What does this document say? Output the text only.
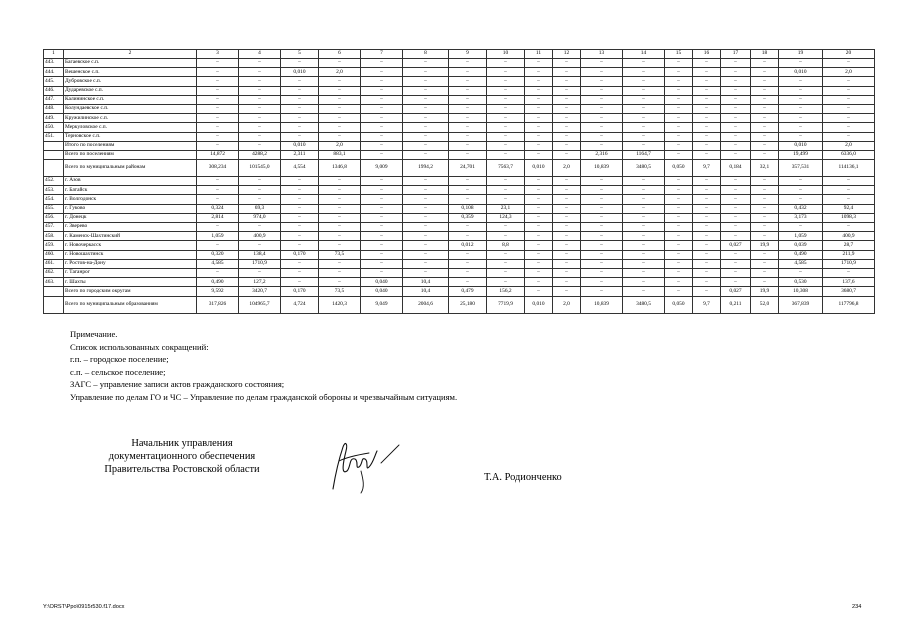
1	2	3	4	5	6	7	8	9	10	11	12	13	14	15	16	17	18	19	20
443.	Багаевское с.п.	–	–	–	–	–	–	–	–	–	–	–	–	–	–	–	–	–	–
444.	Вешенское с.п.	–	–	0,010	2,0	–	–	–	–	–	–	–	–	–	–	–	–	0,010	2,0
445.	Дубровское с.п.	–	–	–	–	–	–	–	–	–	–	–	–	–	–	–	–	–	–
446.	Дударевское с.п.	–	–	–	–	–	–	–	–	–	–	–	–	–	–	–	–	–	–
447.	Калининское с.п.	–	–	–	–	–	–	–	–	–	–	–	–	–	–	–	–	–	–
448.	Колундаевское с.п.	–	–	–	–	–	–	–	–	–	–	–	–	–	–	–	–	–	–
449.	Кружилинское с.п.	–	–	–	–	–	–	–	–	–	–	–	–	–	–	–	–	–	–
450.	Меркуловское с.п.	–	–	–	–	–	–	–	–	–	–	–	–	–	–	–	–	–	–
451.	Терновское с.п.	–	–	–	–	–	–	–	–	–	–	–	–	–	–	–	–	–	–
	Итого по поселениям	–	–	0,010	2,0	–	–	–	–	–	–	–	–	–	–	–	–	0,010	2,0
	Всего по поселениям	14,872	4288,2	2,311	883,1	–	–	–	–	–	–	2,316	1164,7	–	–	–	–	19,499	6336,0
	Всего по муниципальным районам	308,234	101545,0	4,554	1346,8	9,009	1994,2	24,701	7563,7	0,010	2,0	10,839	3480,5	0,050	9,7	0,184	32,1	357,531	114136,1
452.	г. Азов	–	–	–	–	–	–	–	–	–	–	–	–	–	–	–	–	–	–
453.	г. Батайск	–	–	–	–	–	–	–	–	–	–	–	–	–	–	–	–	–	–
454.	г. Волгодонск	–	–	–	–	–	–	–	–	–	–	–	–	–	–	–	–	–	–
455.	г. Гуково	0,324	69,3	–	–	–	–	0,108	23,1	–	–	–	–	–	–	–	–	0,432	92,4
456.	г. Донецк	2,814	974,0	–	–	–	–	0,359	124,3	–	–	–	–	–	–	–	–	3,173	1098,3
457.	г. Зверево	–	–	–	–	–	–	–	–	–	–	–	–	–	–	–	–	–	–
458.	г. Каменск-Шахтинский	1,059	400,9	–	–	–	–	–	–	–	–	–	–	–	–	–	–	1,059	400,9
459.	г. Новочеркасск	–	–	–	–	–	–	0,012	8,8	–	–	–	–	–	–	0,027	19,9	0,039	28,7
460.	г. Новошахтинск	0,320	138,4	0,170	73,5	–	–	–	–	–	–	–	–	–	–	–	–	0,490	211,9
461.	г. Ростов-на-Дону	4,585	1710,9	–	–	–	–	–	–	–	–	–	–	–	–	–	–	4,585	1710,9
462.	г. Таганрог	–	–	–	–	–	–	–	–	–	–	–	–	–	–	–	–	–	–
463.	г. Шахты	0,490	127,2	–	–	0,040	10,4	–	–	–	–	–	–	–	–	–	–	0,530	137,6
	Всего по городским округам	9,592	3420,7	0,170	73,5	0,040	10,4	0,479	156,2	–	–	–	–	–	–	0,027	19,9	10,308	3680,7
	Всего по муниципальным образованиям	317,826	104965,7	4,724	1420,3	9,049	2004,6	25,180	7719,9	0,010	2,0	10,839	3480,5	0,050	9,7	0,211	52,0	367,839	117796,8
Примечание.
Список использованных сокращений:
г.п. – городское поселение;
с.п. – сельское поселение;
ЗАГС – управление записи актов гражданского состояния;
Управление по делам ГО и ЧС – Управление по делам гражданской обороны и чрезвычайным ситуациям.
Начальник управления
документационного обеспечения
Правительства Ростовской области
Т.А. Родионченко
Y:\ORST\Ppo\0915r530.f17.docx	234
